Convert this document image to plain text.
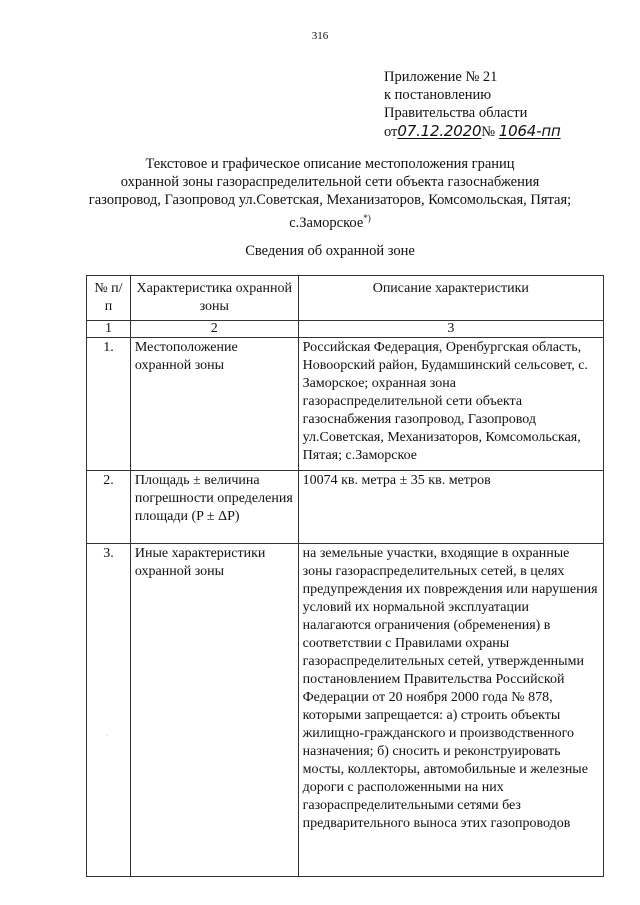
316
Приложение № 21
к постановлению
Правительства области
от07.12.2020№ 1064-пп
Текстовое и графическое описание местоположения границ
охранной зоны газораспределительной сети объекта газоснабжения
газопровод, Газопровод ул.Советская, Механизаторов, Комсомольская, Пятая;
с.Заморское*)
Сведения об охранной зоне
№ п/п	Характеристика охранной зоны	Описание характеристики
1	2	3
1.	Местоположение охранной зоны	Российская Федерация, Оренбургская область, Новоорский район, Будамшинский сельсовет, с. Заморское; охранная зона газораспределительной сети объекта газоснабжения газопровод, Газопровод ул.Советская, Механизаторов, Комсомольская, Пятая; с.Заморское
2.	Площадь ± величина погрешности определения площади (P ± ΔP)	10074 кв. метра ± 35 кв. метров
3.	Иные характеристики охранной зоны	на земельные участки, входящие в охранные зоны газораспределительных сетей, в целях предупреждения их повреждения или нарушения условий их нормальной эксплуатации налагаются ограничения (обременения) в соответствии с Правилами охраны газораспределительных сетей, утвержденными постановлением Правительства Российской Федерации от 20 ноября 2000 года № 878, которыми запрещается: а) строить объекты жилищно-гражданского и производственного назначения; б) сносить и реконструировать мосты, коллекторы, автомобильные и железные дороги с расположенными на них газораспределительными сетями без предварительного выноса этих газопроводов
·
